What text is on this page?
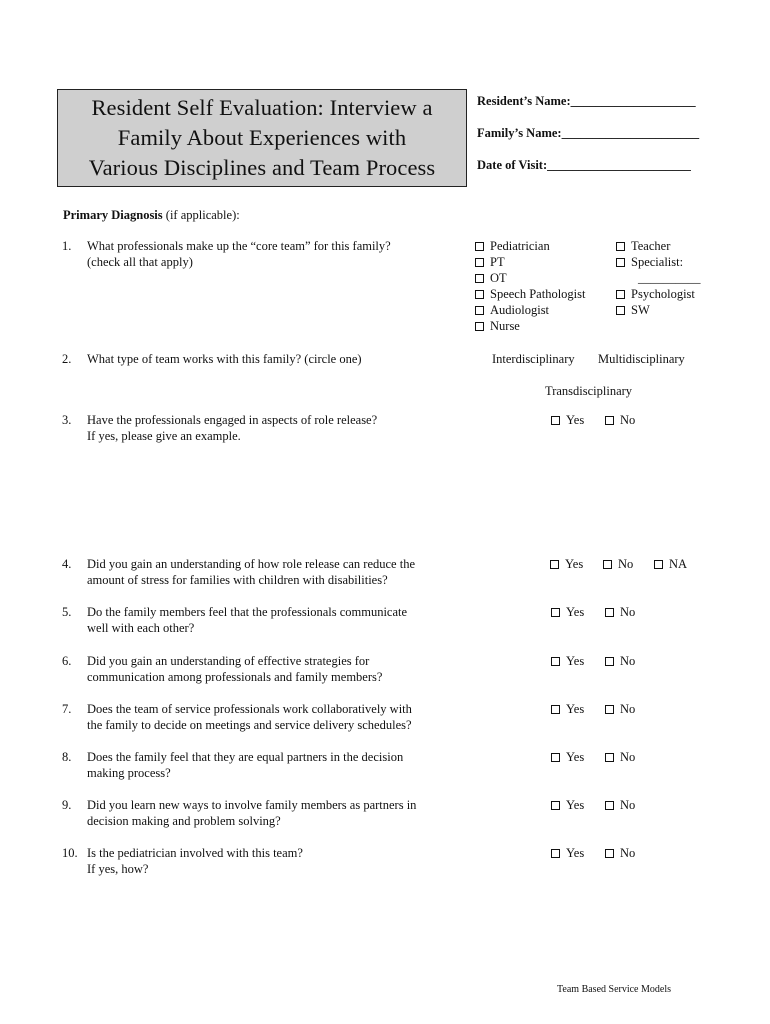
Resident Self Evaluation: Interview a
Family About Experiences with
Various Disciplines and Team Process
Resident’s Name:____________________
Family’s Name:______________________
Date of Visit:_______________________
Primary Diagnosis (if applicable):
1. What professionals make up the “core team” for this family?
(check all that apply)
2. What type of team works with this family? (circle one)
3. Have the professionals engaged in aspects of role release?
If yes, please give an example.
4. Did you gain an understanding of how role release can reduce the
amount of stress for families with children with disabilities?
5. Do the family members feel that the professionals communicate
well with each other?
6. Did you gain an understanding of effective strategies for
communication among professionals and family members?
7. Does the team of service professionals work collaboratively with
the family to decide on meetings and service delivery schedules?
8. Does the family feel that they are equal partners in the decision
making process?
9. Did you learn new ways to involve family members as partners in
decision making and problem solving?
10. Is the pediatrician involved with this team?
If yes, how?
Pediatrician
PT
OT
Speech Pathologist
Audiologist
Nurse
Teacher
Specialist:
__________
Psychologist
SW
Interdisciplinary Multidisciplinary
Transdisciplinary
Yes	No
Yes	No	NA
Yes	No
Yes	No
Yes	No
Yes	No
Yes	No
Yes	No
Team Based Service Models
